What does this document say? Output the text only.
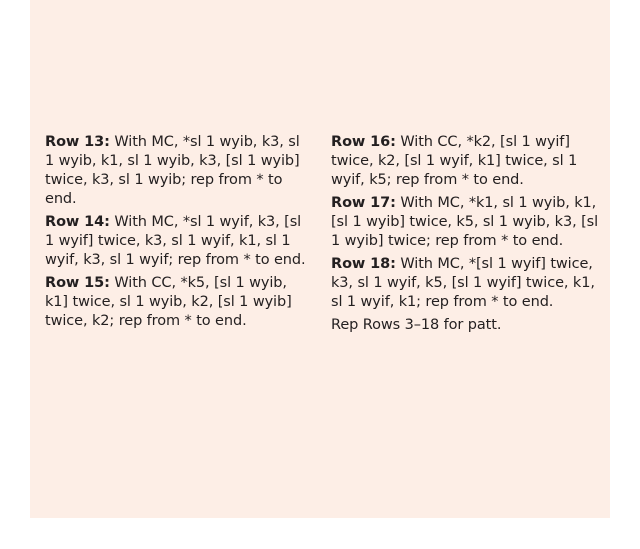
Row 13: With MC, *sl 1 wyib, k3, sl 1 wyib, k1, sl 1 wyib, k3, [sl 1 wyib] twice, k3, sl 1 wyib; rep from * to end.

Row 14: With MC, *sl 1 wyif, k3, [sl 1 wyif] twice, k3, sl 1 wyif, k1, sl 1 wyif, k3, sl 1 wyif; rep from * to end.

Row 15: With CC, *k5, [sl 1 wyib, k1] twice, sl 1 wyib, k2, [sl 1 wyib] twice, k2; rep from * to end.

Row 16: With CC, *k2, [sl 1 wyif] twice, k2, [sl 1 wyif, k1] twice, sl 1 wyif, k5; rep from * to end.

Row 17: With MC, *k1, sl 1 wyib, k1, [sl 1 wyib] twice, k5, sl 1 wyib, k3, [sl 1 wyib] twice; rep from * to end.

Row 18: With MC, *[sl 1 wyif] twice, k3, sl 1 wyif, k5, [sl 1 wyif] twice, k1, sl 1 wyif, k1; rep from * to end.

Rep Rows 3–18 for patt.
